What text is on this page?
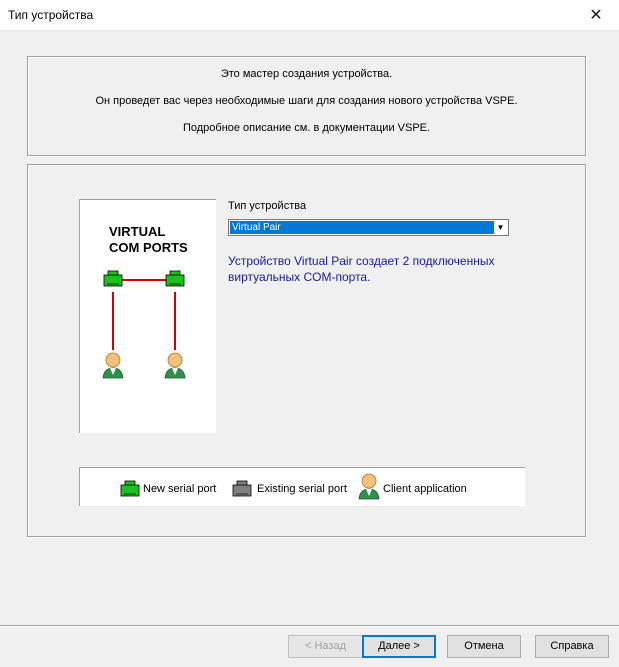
Тип устройства	✕
Это мастер создания устройства.
Он проведет вас через необходимые шаги для создания нового устройства VSPE.
Подробное описание см. в документации VSPE.
VIRTUAL
COM PORTS
Тип устройства
Virtual Pair	▼
Устройство Virtual Pair создает 2 подключенных виртуальных COM-порта.
New serial port	Existing serial port	Client application
< Назад	Далее >	Отмена	Справка
